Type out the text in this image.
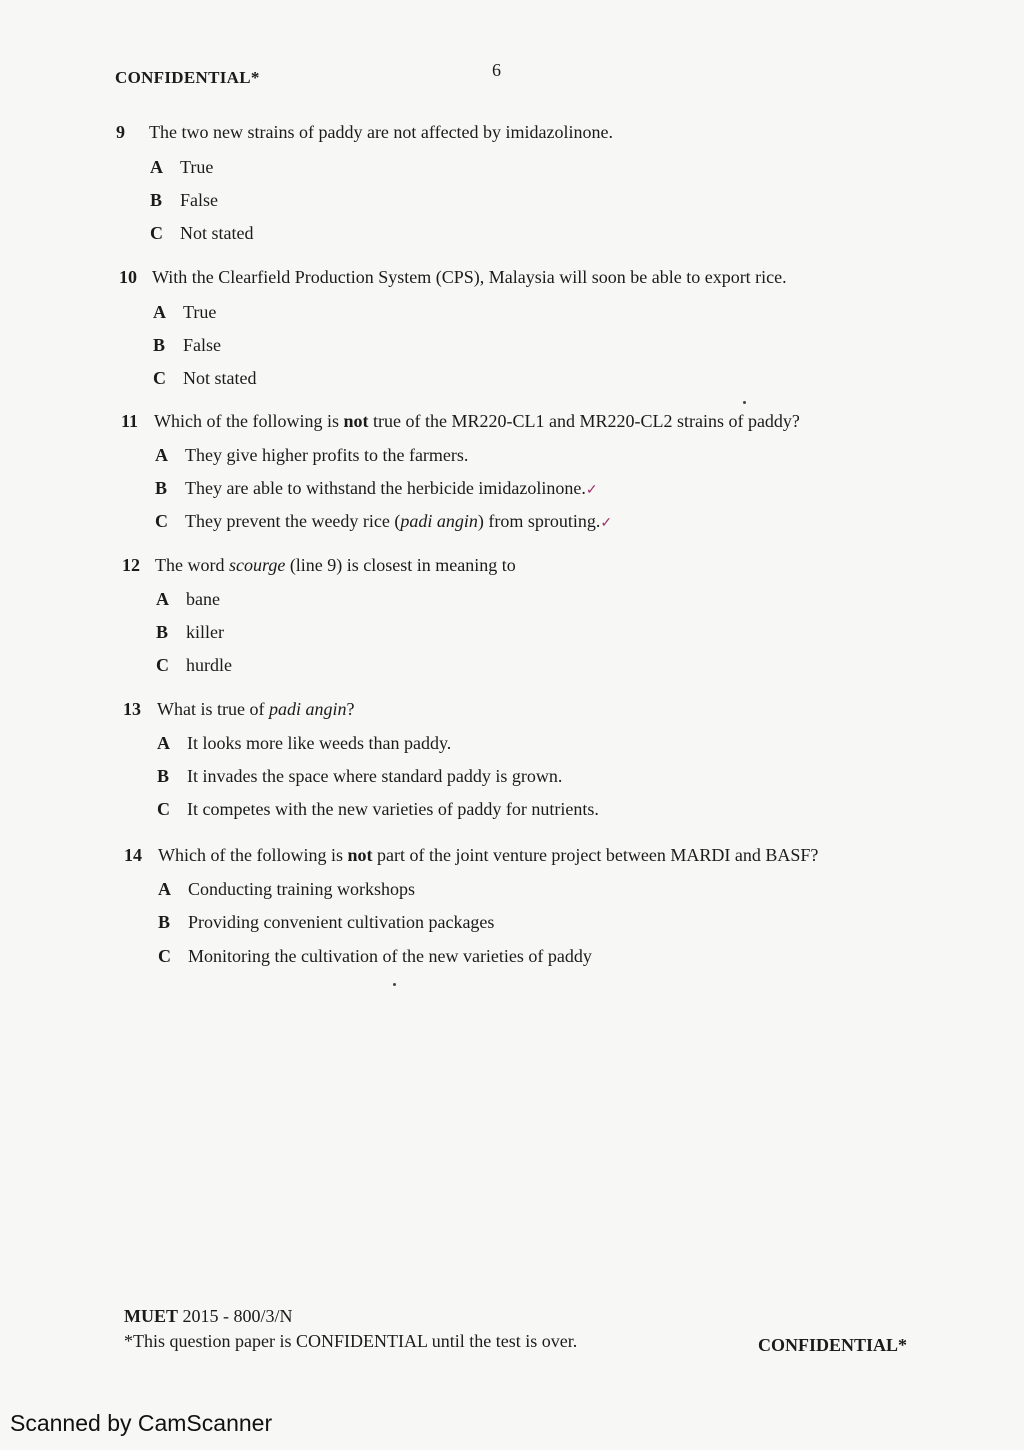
CONFIDENTIAL*	6
9 The two new strains of paddy are not affected by imidazolinone.
A True
B False
C Not stated
10 With the Clearfield Production System (CPS), Malaysia will soon be able to export rice.
A True
B False
C Not stated
11 Which of the following is not true of the MR220-CL1 and MR220-CL2 strains of paddy?
A They give higher profits to the farmers.
B They are able to withstand the herbicide imidazolinone.✓
C They prevent the weedy rice (padi angin) from sprouting.✓
12 The word scourge (line 9) is closest in meaning to
A bane
B killer
C hurdle
13 What is true of padi angin?
A It looks more like weeds than paddy.
B It invades the space where standard paddy is grown.
C It competes with the new varieties of paddy for nutrients.
14 Which of the following is not part of the joint venture project between MARDI and BASF?
A Conducting training workshops
B Providing convenient cultivation packages
C Monitoring the cultivation of the new varieties of paddy
MUET 2015 - 800/3/N
*This question paper is CONFIDENTIAL until the test is over.	CONFIDENTIAL*
Scanned by CamScanner
